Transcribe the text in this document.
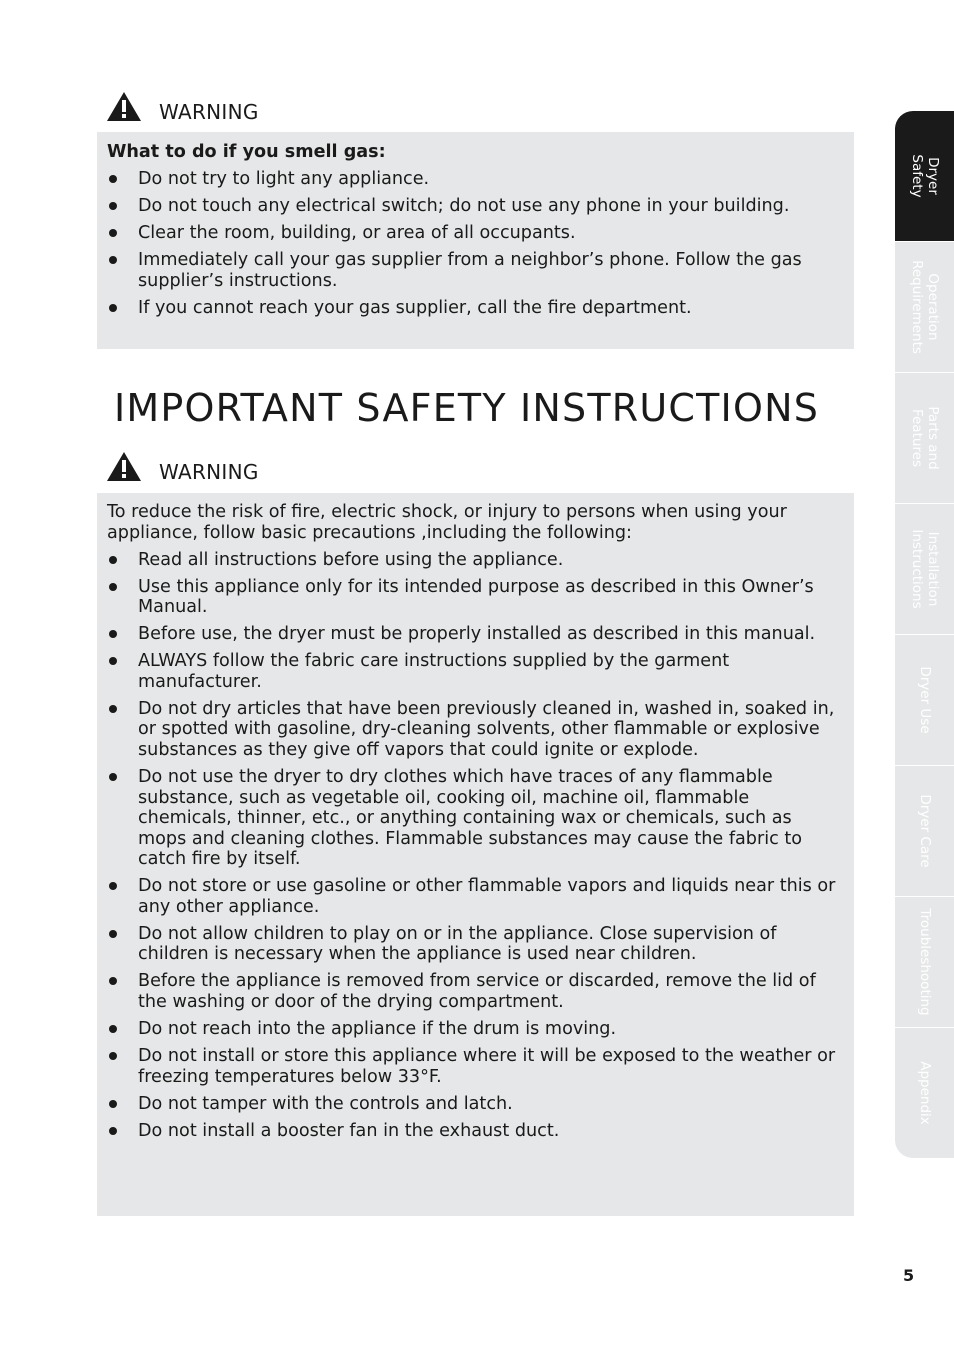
WARNING
What to do if you smell gas:
Do not try to light any appliance.
Do not touch any electrical switch; do not use any phone in your building.
Clear the room, building, or area of all occupants.
Immediately call your gas supplier from a neighbor’s phone. Follow the gas supplier’s instructions.
If you cannot reach your gas supplier, call the fire department.
IMPORTANT SAFETY INSTRUCTIONS
WARNING
To reduce the risk of fire, electric shock, or injury to persons when using your appliance, follow basic precautions ,including the following:
Read all instructions before using the appliance.
Use this appliance only for its intended purpose as described in this Owner’s Manual.
Before use, the dryer must be properly installed as described in this manual.
ALWAYS follow the fabric care instructions supplied by the garment manufacturer.
Do not dry articles that have been previously cleaned in, washed in, soaked in, or spotted with gasoline, dry-cleaning solvents, other flammable or explosive substances as they give off vapors that could ignite or explode.
Do not use the dryer to dry clothes which have traces of any flammable substance, such as vegetable oil, cooking oil, machine oil, flammable chemicals, thinner, etc., or anything containing wax or chemicals, such as mops and cleaning clothes. Flammable substances may cause the fabric to catch fire by itself.
Do not store or use gasoline or other flammable vapors and liquids near this or any other appliance.
Do not allow children to play on or in the appliance. Close supervision of children is necessary when the appliance is used near children.
Before the appliance is removed from service or discarded, remove the lid of the washing or door of the drying compartment.
Do not reach into the appliance if the drum is moving.
Do not install or store this appliance where it will be exposed to the weather or freezing temperatures below 33°F.
Do not tamper with the controls and latch.
Do not install a booster fan in the exhaust duct.
Dryer
Safety
Operation
Requirements
Parts and
Features
Installation
Instructions
Dryer Use
Dryer Care
Troubleshooting
Appendix
5
